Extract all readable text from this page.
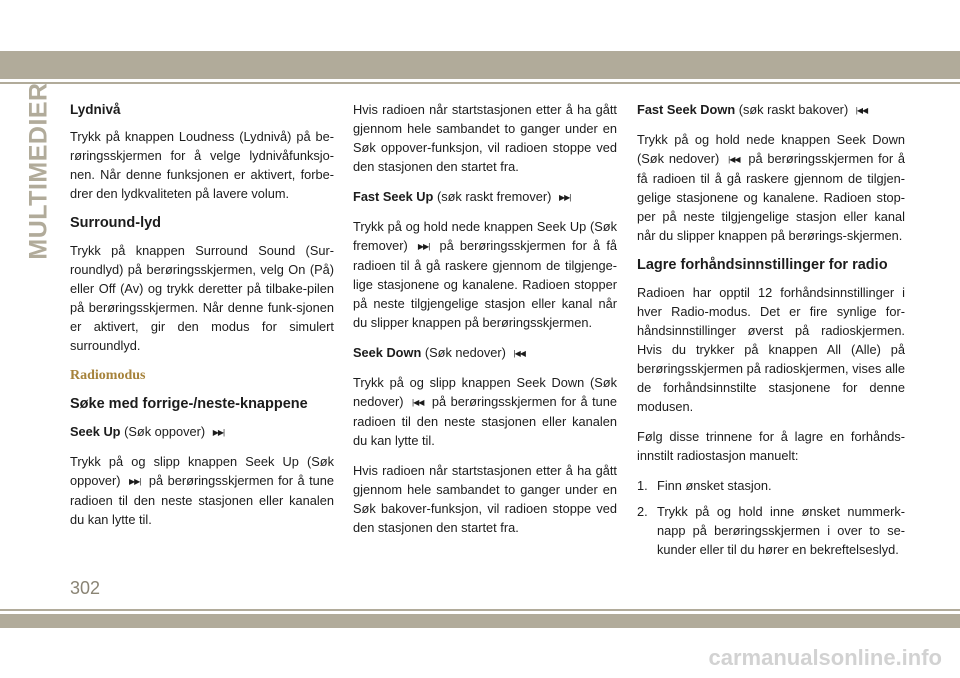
MULTIMEDIER Lydnivå

Trykk på knappen Loudness (Lydnivå) på be-røringsskjermen for å velge lydnivåfunksjo-nen. Når denne funksjonen er aktivert, forbe-drer den lydkvaliteten på lavere volum.

Surround-lyd

Trykk på knappen Surround Sound (Sur-roundlyd) på berøringsskjermen, velg On (På) eller Off (Av) og trykk deretter på tilbake-pilen på berøringsskjermen. Når denne funk-sjonen er aktivert, gir den modus for simulert surroundlyd.

Radiomodus
Søke med forrige-/neste-knappene
Seek Up (Søk oppover) ▶▶|

Trykk på og slipp knappen Seek Up (Søk oppover) ▶▶| på berøringsskjermen for å tune radioen til den neste stasjonen eller kanalen du kan lytte til.

Hvis radioen når startstasjonen etter å ha gått gjennom hele sambandet to ganger under en Søk oppover-funksjon, vil radioen stoppe ved den stasjonen den startet fra.

Fast Seek Up (søk raskt fremover) ▶▶|

Trykk på og hold nede knappen Seek Up (Søk fremover) ▶▶| på berøringsskjermen for å få radioen til å gå raskere gjennom de tilgjenge-lige stasjonene og kanalene. Radioen stopper på neste tilgjengelige stasjon eller kanal når du slipper knappen på berøringsskjermen.

Seek Down (Søk nedover) |◀◀

Trykk på og slipp knappen Seek Down (Søk nedover) |◀◀ på berøringsskjermen for å tune radioen til den neste stasjonen eller kanalen du kan lytte til.

Hvis radioen når startstasjonen etter å ha gått gjennom hele sambandet to ganger under en Søk bakover-funksjon, vil radioen stoppe ved den stasjonen den startet fra.

Fast Seek Down (søk raskt bakover) |◀◀

Trykk på og hold nede knappen Seek Down (Søk nedover) |◀◀ på berøringsskjermen for å få radioen til å gå raskere gjennom de tilgjen-gelige stasjonene og kanalene. Radioen stop-per på neste tilgjengelige stasjon eller kanal når du slipper knappen på berørings-skjermen.

Lagre forhåndsinnstillinger for radio

Radioen har opptil 12 forhåndsinnstillinger i hver Radio-modus. Det er fire synlige for-håndsinnstillinger øverst på radioskjermen. Hvis du trykker på knappen All (Alle) på berøringsskjermen på radioskjermen, vises alle de forhåndsinnstilte stasjonene for denne modusen.

Følg disse trinnene for å lagre en forhånds-innstilt radiostasjon manuelt:

1. Finn ønsket stasjon.
2. Trykk på og hold inne ønsket nummerk-napp på berøringsskjermen i over to se-kunder eller til du hører en bekreftelseslyd.
302
carmanualsonline.info
